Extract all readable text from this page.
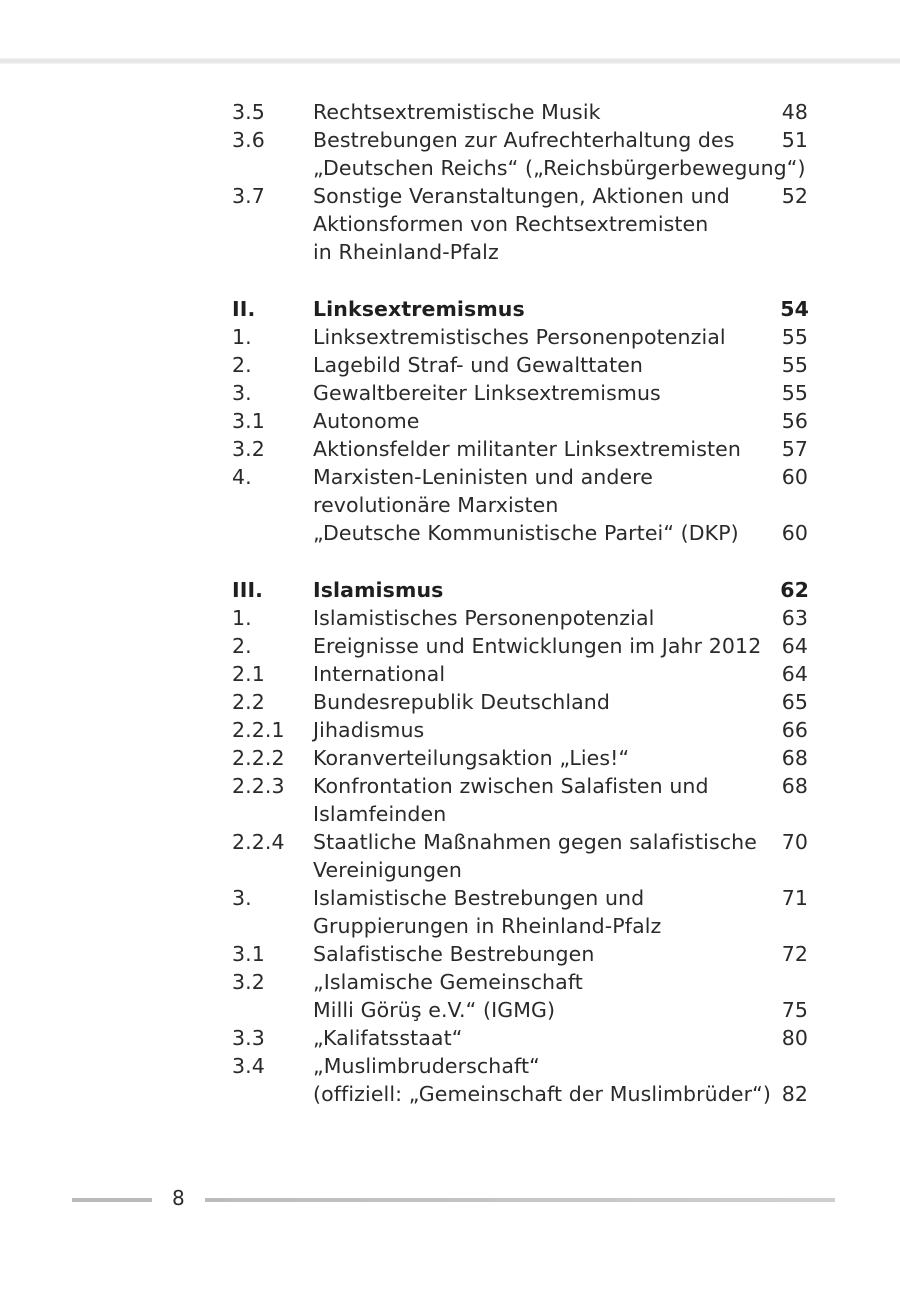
3.5 Rechtsextremistische Musik	48
3.6 Bestrebungen zur Aufrechterhaltung des 51
„Deutschen Reichs“ („Reichsbürgerbewegung“)
3.7 Sonstige Veranstaltungen, Aktionen und	52
Aktionsformen von Rechtsextremisten
in Rheinland-Pfalz
II.	Linksextremismus	54
1.	Linksextremistisches Personenpotenzial	55
2.	Lagebild Straf- und Gewalttaten	55
3.	Gewaltbereiter Linksextremismus	55
3.1 Autonome	56
3.2 Aktionsfelder militanter Linksextremisten 57
4.	Marxisten-Leninisten und andere	60
revolutionäre Marxisten
„Deutsche Kommunistische Partei“ (DKP) 60
III. Islamismus	62
1.	Islamistisches Personenpotenzial	63
2.	Ereignisse und Entwicklungen im Jahr 2012 64
2.1 International	64
2.2 Bundesrepublik Deutschland	65
2.2.1 Jihadismus	66
2.2.2 Koranverteilungsaktion „Lies!“	68
2.2.3 Konfrontation zwischen Salafisten und	68
Islamfeinden
2.2.4 Staatliche Maßnahmen gegen salafistische 70
Vereinigungen
3.	Islamistische Bestrebungen und	71
Gruppierungen in Rheinland-Pfalz
3.1 Salafistische Bestrebungen	72
3.2 „Islamische Gemeinschaft
Milli Görüş e.V.“ (IGMG)	75
3.3 „Kalifatsstaat“	80
3.4 „Muslimbruderschaft“
(offiziell: „Gemeinschaft der Muslimbrüder“) 82
8
